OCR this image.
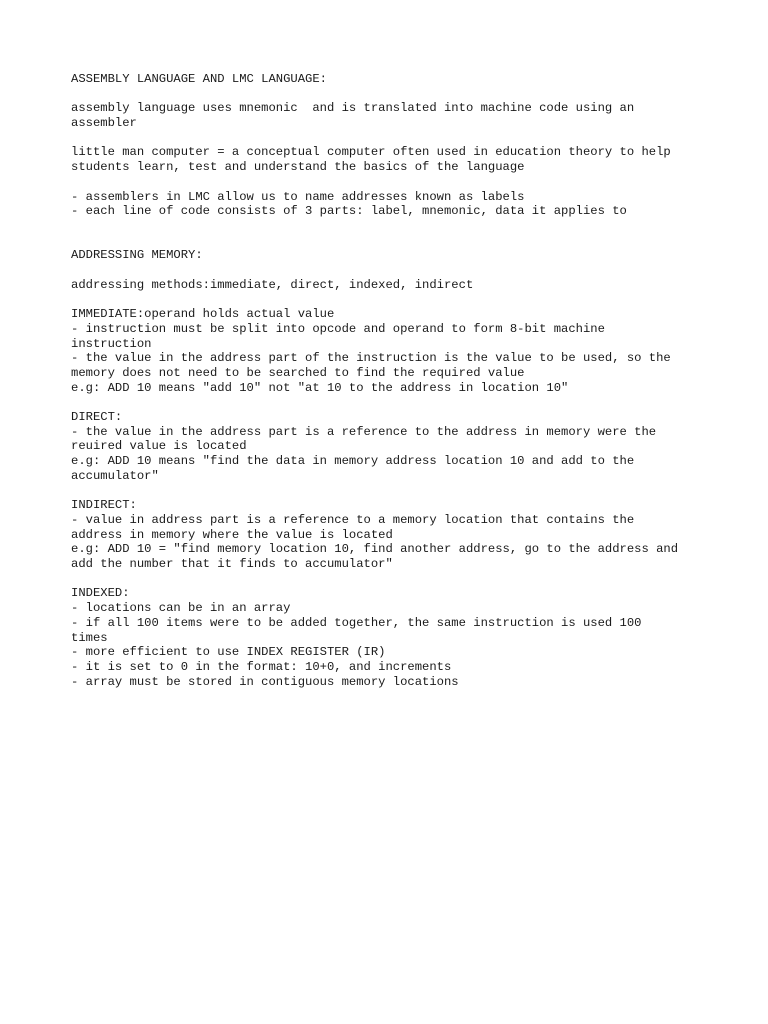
ASSEMBLY LANGUAGE AND LMC LANGUAGE:
assembly language uses mnemonic  and is translated into machine code using an
assembler
little man computer = a conceptual computer often used in education theory to help
students learn, test and understand the basics of the language
- assemblers in LMC allow us to name addresses known as labels
- each line of code consists of 3 parts: label, mnemonic, data it applies to
ADDRESSING MEMORY:
addressing methods:immediate, direct, indexed, indirect
IMMEDIATE:operand holds actual value
- instruction must be split into opcode and operand to form 8-bit machine
instruction
- the value in the address part of the instruction is the value to be used, so the
memory does not need to be searched to find the required value
e.g: ADD 10 means "add 10" not "at 10 to the address in location 10"
DIRECT:
- the value in the address part is a reference to the address in memory were the
reuired value is located
e.g: ADD 10 means "find the data in memory address location 10 and add to the
accumulator"
INDIRECT:
- value in address part is a reference to a memory location that contains the
address in memory where the value is located
e.g: ADD 10 = "find memory location 10, find another address, go to the address and
add the number that it finds to accumulator"
INDEXED:
- locations can be in an array
- if all 100 items were to be added together, the same instruction is used 100
times
- more efficient to use INDEX REGISTER (IR)
- it is set to 0 in the format: 10+0, and increments
- array must be stored in contiguous memory locations
